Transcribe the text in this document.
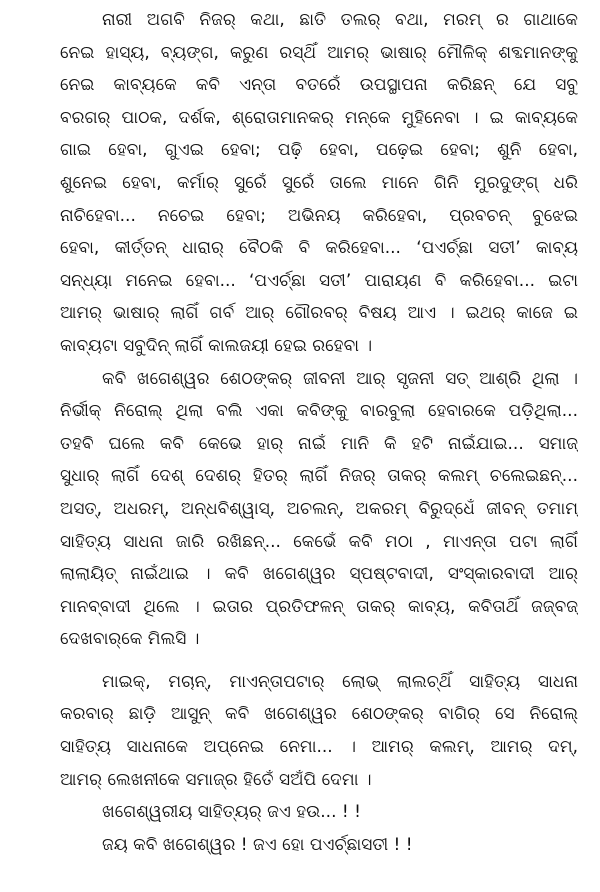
ନାରୀ ଅଗବି ନିଜର୍ କଥା, ଛାତି ତଲର୍ ବଥା, ମରମ୍ ର ଗାଥାକେ
ନେଇ ହାସ୍ୟ, ବ୍ୟଙ୍ଗ, କରୁଣ ରସ୍‌ଥିଁ ଆମର୍ ଭାଷାର୍ ମୌଳିକ୍ ଶବ୍ଦମାନଙ୍କୁ
ନେଇ କାବ୍ୟକେ କବି ଏନ୍ତା ବତରେଁ ଉପସ୍ଥାପନା କରିଛନ୍ ଯେ ସବୁ
ବରଗର୍ ପାଠକ, ଦର୍ଶକ, ଶ୍ରୋତାମାନକର୍ ମନ୍‌କେ ମୁହିନେବା । ଇ କାବ୍ୟକେ
ଗାଇ ହେବା, ଗୁଏଇ ହେବା; ପଢ଼ି ହେବା, ପଢ଼େଇ ହେବା; ଶୁନି ହେବା,
ଶୁନେଇ ହେବା, କର୍ମାର୍ ସୁରେଁ ସୁରେଁ ତାଲେ ମାନେ ଗିନି ମୁରଦୁଙ୍ଗ୍ ଧରି
ନାଚିହେବା... ନଚେଇ ହେବା; ଅଭିନୟ କରିହେବା, ପ୍ରବଚନ୍ ବୁଝେଇ
ହେବା, କୀର୍ତ୍ତନ୍ ଧାରାର୍ ବୈଠକି ବି କରିହେବା... ‘ପଏର୍ଚ୍ଛା ସତୀ’ କାବ୍ୟ
ସନ୍ଧ୍ୟା ମନେଇ ହେବା... ‘ପଏର୍ଚ୍ଛା ସତୀ’ ପାରାୟଣ ବି କରିହେବା... ଇଟା
ଆମର୍ ଭାଷାର୍ ଲାଗିଁ ଗର୍ବ ଆର୍ ଗୌରବର୍ ବିଷୟ ଆଏ । ଇଥର୍ କାଜେ ଇ
କାବ୍ୟଟା ସବୁଦିନ୍ ଲାଗିଁ କାଲଜୟୀ ହେଇ ରହେବା ।
କବି ଖଗେଶ୍ୱର ଶେଠଙ୍କର୍ ଜୀବନୀ ଆର୍ ସୃଜନୀ ସତ୍ ଆଶ୍ରି ଥିଲା ।
ନିର୍ଭୀକ୍ ନିରୋଲ୍ ଥିଲା ବଲି ଏକା କବିଙ୍କୁ ବାରବୁଲା ହେବାରକେ ପଡ଼ିଥିଲା...
ତହବି ଘଲେ କବି କେଭେ ହାର୍ ନାଇଁ ମାନି କି ହଟି ନାଇଁଯାଇ... ସମାଜ୍
ସୁଧାର୍ ଲାଗିଁ ଦେଶ୍ ଦେଶର୍ ହିତର୍ ଲାଗିଁ ନିଜର୍ ତାକର୍ କଲମ୍ ଚଲେଇଛନ୍...
ଅସତ୍, ଅଧରମ୍, ଅନ୍ଧବିଶ୍ୱାସ୍, ଅଚଲନ୍, ଅକରମ୍ ବିରୁଦ୍ଧେଁ ଜୀବନ୍ ତମାମ୍
ସାହିତ୍ୟ ସାଧନା ଜାରି ରଖିଛନ୍... କେଭେଁ କବି ମଠା , ମାଏନ୍ତା ପଟା ଲାଗିଁ
ଲାଲାୟିତ୍ ନାଇଁଥାଇ । କବି ଖଗେଶ୍ୱର ସ୍ପଷ୍ଟବାଦୀ, ସଂସ୍କାରବାଦୀ ଆର୍
ମାନବ୍‌ବାଦୀ ଥିଲେ । ଇତାର ପ୍ରତିଫଳନ୍ ତାକର୍ କାବ୍ୟ, କବିତାଥିଁ ଜଜ୍‌ବଜ୍
ଦେଖବାର୍‌କେ ମିଲସି ।
ମାଇକ୍, ମଚାନ୍, ମାଏନ୍ତାପଟାର୍ ଲୋଭ୍ ଲାଲଚ୍‌ଥିଁ ସାହିତ୍ୟ ସାଧନା
କରବାର୍ ଛାଡ଼ି ଆସୁନ୍ କବି ଖଗେଶ୍ୱର ଶେଠଙ୍କର୍ ବାଗିର୍ ସେ ନିରୋଲ୍
ସାହିତ୍ୟ ସାଧନାକେ ଅପ୍‌ନେଇ ନେମା... । ଆମର୍ କଲମ୍, ଆମର୍ ଦମ୍,
ଆମର୍ ଲେଖନୀକେ ସମାଜ୍‌ର ହିତେଁ ସଅଁପି ଦେମା ।
ଖଗେଶ୍ୱରୀୟ ସାହିତ୍ୟର୍ ଜଏ ହଉ... ! !
ଜୟ କବି ଖଗେଶ୍ୱର ! ଜଏ ହୋ ପଏର୍ଚ୍ଛାସତୀ ! !
